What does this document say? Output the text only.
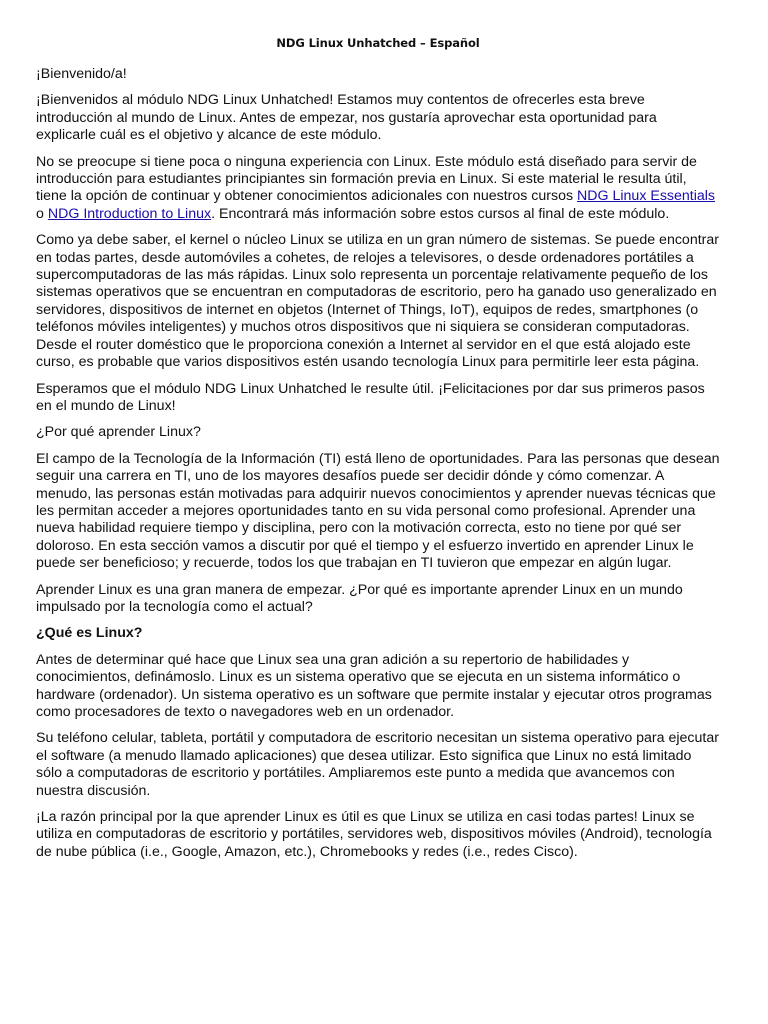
NDG Linux Unhatched – Español

¡Bienvenido/a!

¡Bienvenidos al módulo NDG Linux Unhatched! Estamos muy contentos de ofrecerles esta breve introducción al mundo de Linux. Antes de empezar, nos gustaría aprovechar esta oportunidad para explicarle cuál es el objetivo y alcance de este módulo.

No se preocupe si tiene poca o ninguna experiencia con Linux. Este módulo está diseñado para servir de introducción para estudiantes principiantes sin formación previa en Linux. Si este material le resulta útil, tiene la opción de continuar y obtener conocimientos adicionales con nuestros cursos NDG Linux Essentials o NDG Introduction to Linux. Encontrará más información sobre estos cursos al final de este módulo.

Como ya debe saber, el kernel o núcleo Linux se utiliza en un gran número de sistemas. Se puede encontrar en todas partes, desde automóviles a cohetes, de relojes a televisores, o desde ordenadores portátiles a supercomputadoras de las más rápidas. Linux solo representa un porcentaje relativamente pequeño de los sistemas operativos que se encuentran en computadoras de escritorio, pero ha ganado uso generalizado en servidores, dispositivos de internet en objetos (Internet of Things, IoT), equipos de redes, smartphones (o teléfonos móviles inteligentes) y muchos otros dispositivos que ni siquiera se consideran computadoras. Desde el router doméstico que le proporciona conexión a Internet al servidor en el que está alojado este curso, es probable que varios dispositivos estén usando tecnología Linux para permitirle leer esta página.

Esperamos que el módulo NDG Linux Unhatched le resulte útil. ¡Felicitaciones por dar sus primeros pasos en el mundo de Linux!

¿Por qué aprender Linux?

El campo de la Tecnología de la Información (TI) está lleno de oportunidades. Para las personas que desean seguir una carrera en TI, uno de los mayores desafíos puede ser decidir dónde y cómo comenzar. A menudo, las personas están motivadas para adquirir nuevos conocimientos y aprender nuevas técnicas que les permitan acceder a mejores oportunidades tanto en su vida personal como profesional. Aprender una nueva habilidad requiere tiempo y disciplina, pero con la motivación correcta, esto no tiene por qué ser doloroso. En esta sección vamos a discutir por qué el tiempo y el esfuerzo invertido en aprender Linux le puede ser beneficioso; y recuerde, todos los que trabajan en TI tuvieron que empezar en algún lugar.

Aprender Linux es una gran manera de empezar. ¿Por qué es importante aprender Linux en un mundo impulsado por la tecnología como el actual?

¿Qué es Linux?

Antes de determinar qué hace que Linux sea una gran adición a su repertorio de habilidades y conocimientos, definámoslo. Linux es un sistema operativo que se ejecuta en un sistema informático o hardware (ordenador). Un sistema operativo es un software que permite instalar y ejecutar otros programas como procesadores de texto o navegadores web en un ordenador.

Su teléfono celular, tableta, portátil y computadora de escritorio necesitan un sistema operativo para ejecutar el software (a menudo llamado aplicaciones) que desea utilizar. Esto significa que Linux no está limitado sólo a computadoras de escritorio y portátiles. Ampliaremos este punto a medida que avancemos con nuestra discusión.

¡La razón principal por la que aprender Linux es útil es que Linux se utiliza en casi todas partes! Linux se utiliza en computadoras de escritorio y portátiles, servidores web, dispositivos móviles (Android), tecnología de nube pública (i.e., Google, Amazon, etc.), Chromebooks y redes (i.e., redes Cisco).
